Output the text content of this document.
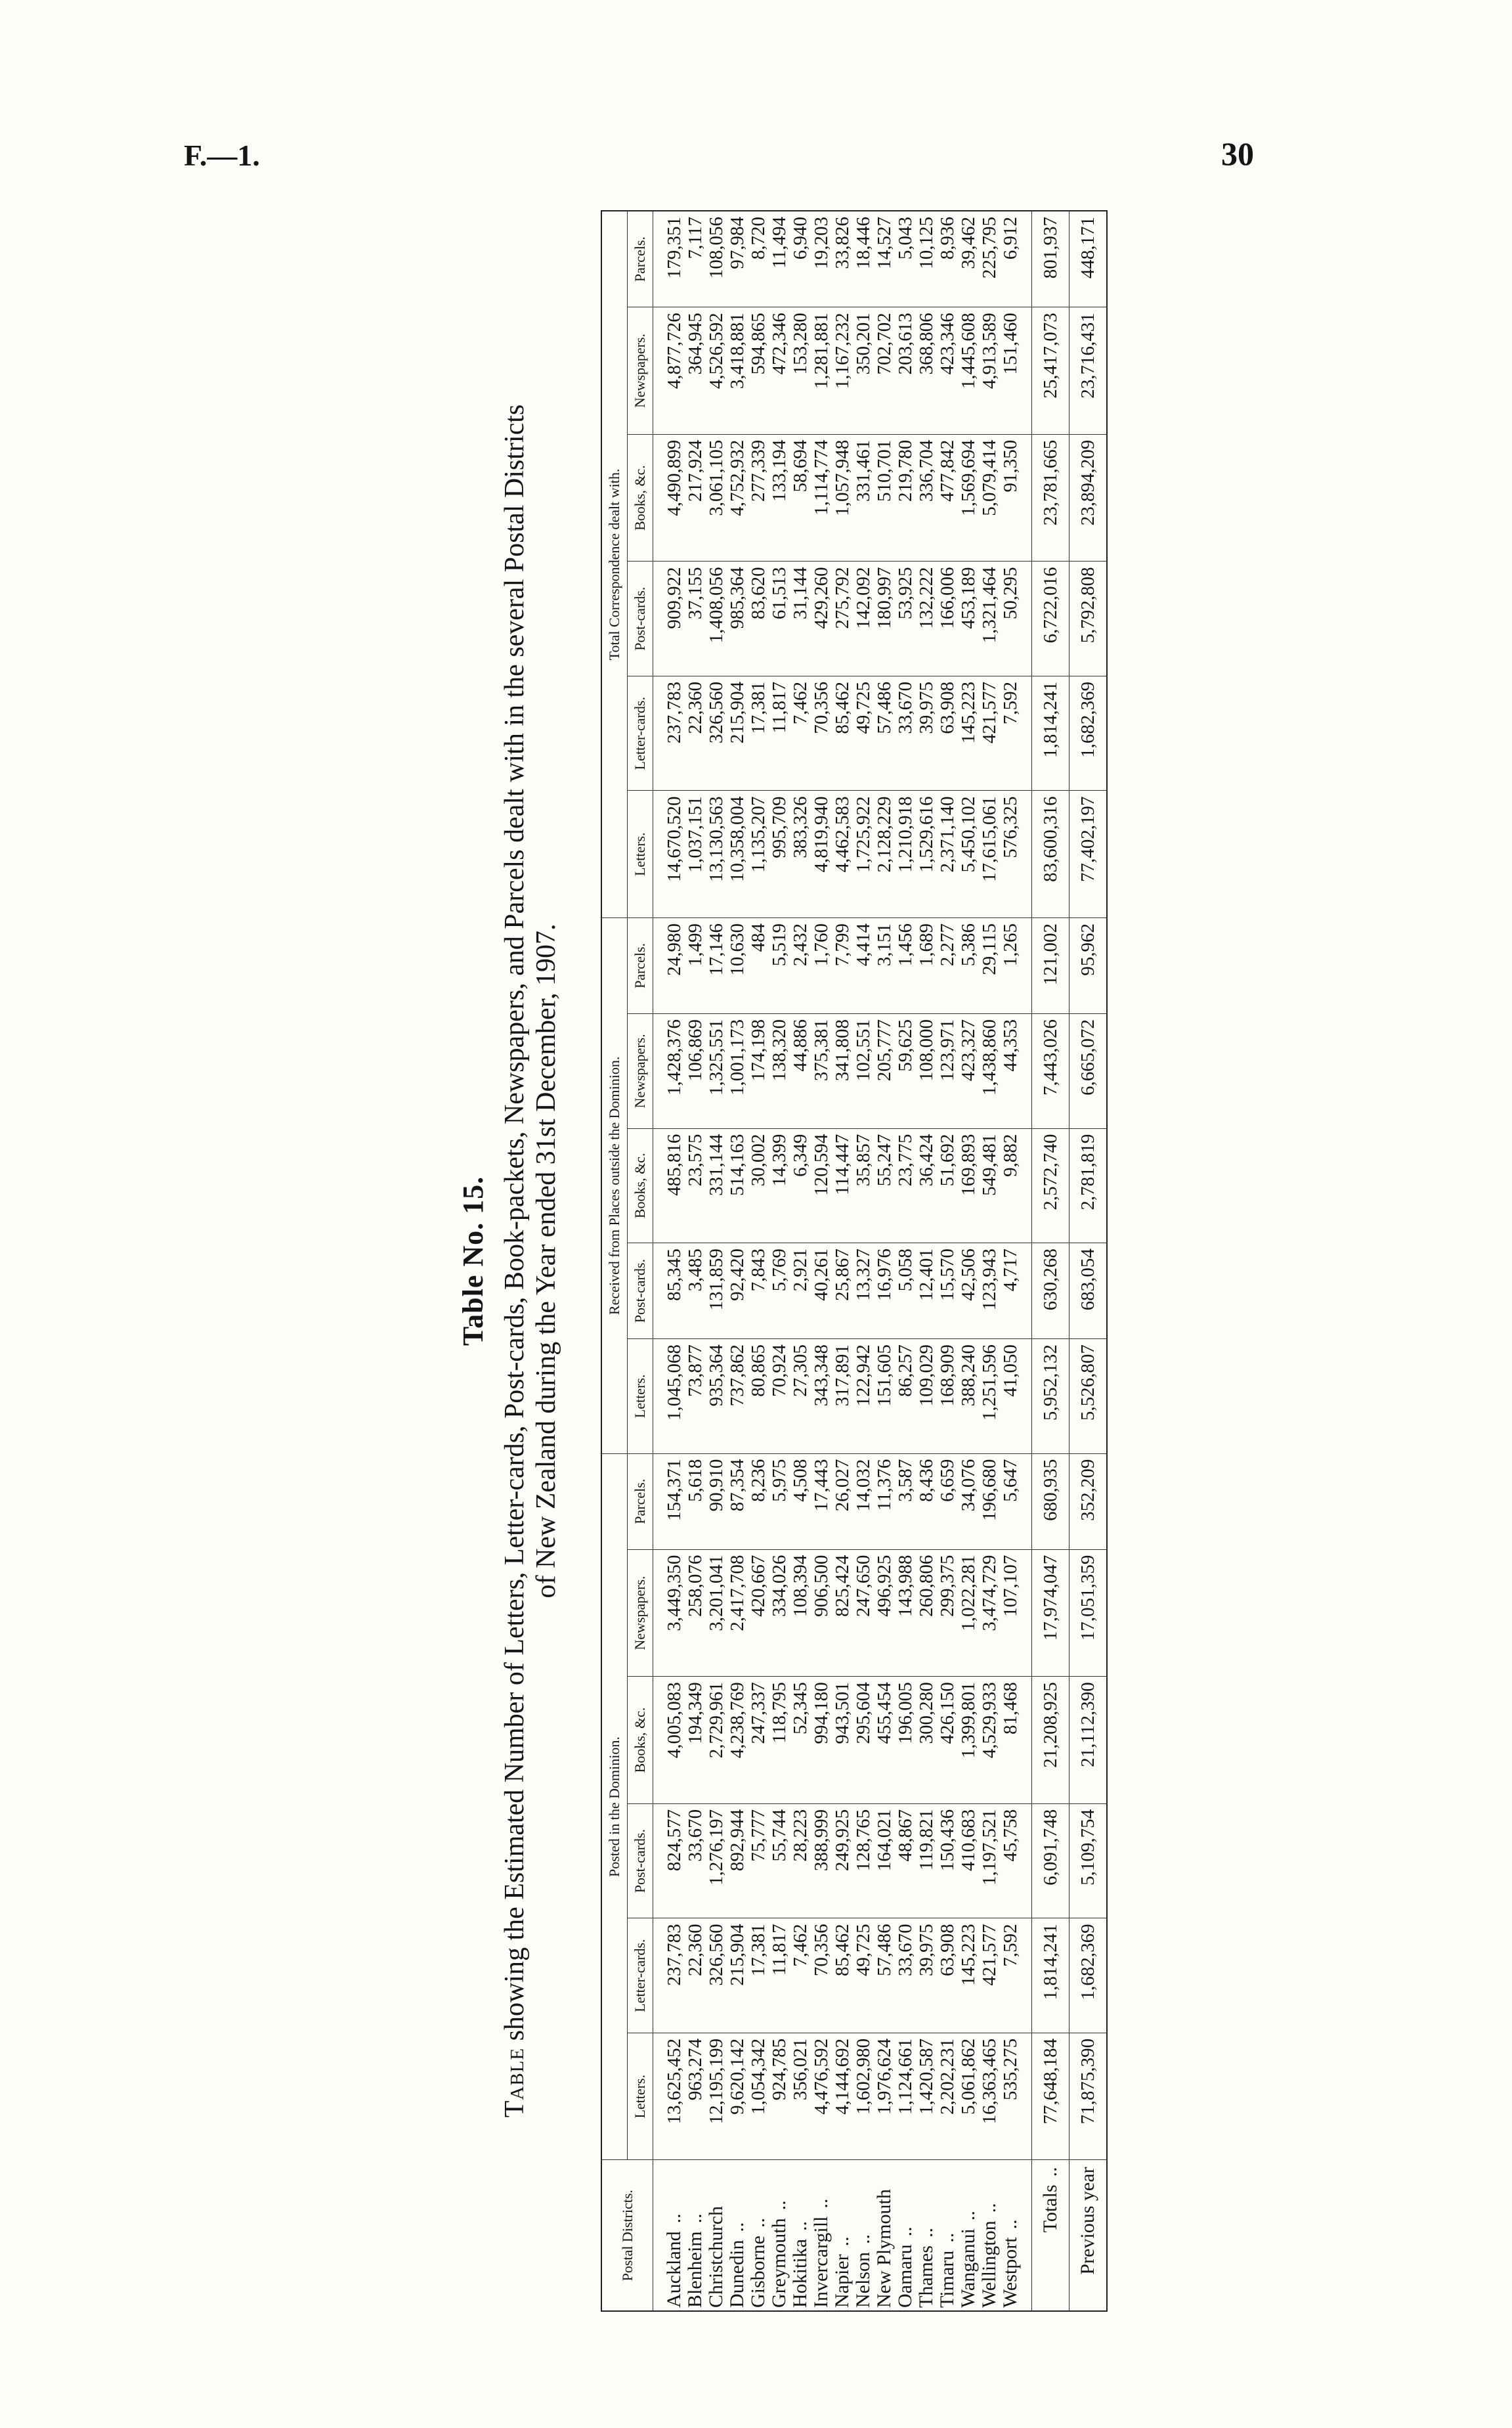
F.—1.	30
Table No. 15.
Table showing the Estimated Number of Letters, Letter-cards, Post-cards, Book-packets, Newspapers, and Parcels dealt with in the several Postal Districts
of New Zealand during the Year ended 31st December, 1907.
Postal Districts.	Posted in the Dominion.						Received from Places outside the Dominion.					Total Correspondence dealt with.					
	Letters.	Letter-cards.	Post-cards.	Books, &c.	Newspapers.	Parcels.	Letters.	Post-cards.	Books, &c.	Newspapers.	Parcels.	Letters.	Letter-cards.	Post-cards.	Books, &c.	Newspapers.	Parcels.
Auckland..	13,625,452	237,783	824,577	4,005,083	3,449,350	154,371	1,045,068	85,345	485,816	1,428,376	24,980	14,670,520	237,783	909,922	4,490,899	4,877,726	179,351
Blenheim..	963,274	22,360	33,670	194,349	258,076	5,618	73,877	3,485	23,575	106,869	1,499	1,037,151	22,360	37,155	217,924	364,945	7,117
Christchurch	12,195,199	326,560	1,276,197	2,729,961	3,201,041	90,910	935,364	131,859	331,144	1,325,551	17,146	13,130,563	326,560	1,408,056	3,061,105	4,526,592	108,056
Dunedin..	9,620,142	215,904	892,944	4,238,769	2,417,708	87,354	737,862	92,420	514,163	1,001,173	10,630	10,358,004	215,904	985,364	4,752,932	3,418,881	97,984
Gisborne..	1,054,342	17,381	75,777	247,337	420,667	8,236	80,865	7,843	30,002	174,198	484	1,135,207	17,381	83,620	277,339	594,865	8,720
Greymouth..	924,785	11,817	55,744	118,795	334,026	5,975	70,924	5,769	14,399	138,320	5,519	995,709	11,817	61,513	133,194	472,346	11,494
Hokitika..	356,021	7,462	28,223	52,345	108,394	4,508	27,305	2,921	6,349	44,886	2,432	383,326	7,462	31,144	58,694	153,280	6,940
Invercargill..	4,476,592	70,356	388,999	994,180	906,500	17,443	343,348	40,261	120,594	375,381	1,760	4,819,940	70,356	429,260	1,114,774	1,281,881	19,203
Napier..	4,144,692	85,462	249,925	943,501	825,424	26,027	317,891	25,867	114,447	341,808	7,799	4,462,583	85,462	275,792	1,057,948	1,167,232	33,826
Nelson..	1,602,980	49,725	128,765	295,604	247,650	14,032	122,942	13,327	35,857	102,551	4,414	1,725,922	49,725	142,092	331,461	350,201	18,446
New Plymouth	1,976,624	57,486	164,021	455,454	496,925	11,376	151,605	16,976	55,247	205,777	3,151	2,128,229	57,486	180,997	510,701	702,702	14,527
Oamaru..	1,124,661	33,670	48,867	196,005	143,988	3,587	86,257	5,058	23,775	59,625	1,456	1,210,918	33,670	53,925	219,780	203,613	5,043
Thames..	1,420,587	39,975	119,821	300,280	260,806	8,436	109,029	12,401	36,424	108,000	1,689	1,529,616	39,975	132,222	336,704	368,806	10,125
Timaru..	2,202,231	63,908	150,436	426,150	299,375	6,659	168,909	15,570	51,692	123,971	2,277	2,371,140	63,908	166,006	477,842	423,346	8,936
Wanganui..	5,061,862	145,223	410,683	1,399,801	1,022,281	34,076	388,240	42,506	169,893	423,327	5,386	5,450,102	145,223	453,189	1,569,694	1,445,608	39,462
Wellington..	16,363,465	421,577	1,197,521	4,529,933	3,474,729	196,680	1,251,596	123,943	549,481	1,438,860	29,115	17,615,061	421,577	1,321,464	5,079,414	4,913,589	225,795
Westport..	535,275	7,592	45,758	81,468	107,107	5,647	41,050	4,717	9,882	44,353	1,265	576,325	7,592	50,295	91,350	151,460	6,912
Totals..	77,648,184	1,814,241	6,091,748	21,208,925	17,974,047	680,935	5,952,132	630,268	2,572,740	7,443,026	121,002	83,600,316	1,814,241	6,722,016	23,781,665	25,417,073	801,937
Previous year	71,875,390	1,682,369	5,109,754	21,112,390	17,051,359	352,209	5,526,807	683,054	2,781,819	6,665,072	95,962	77,402,197	1,682,369	5,792,808	23,894,209	23,716,431	448,171
